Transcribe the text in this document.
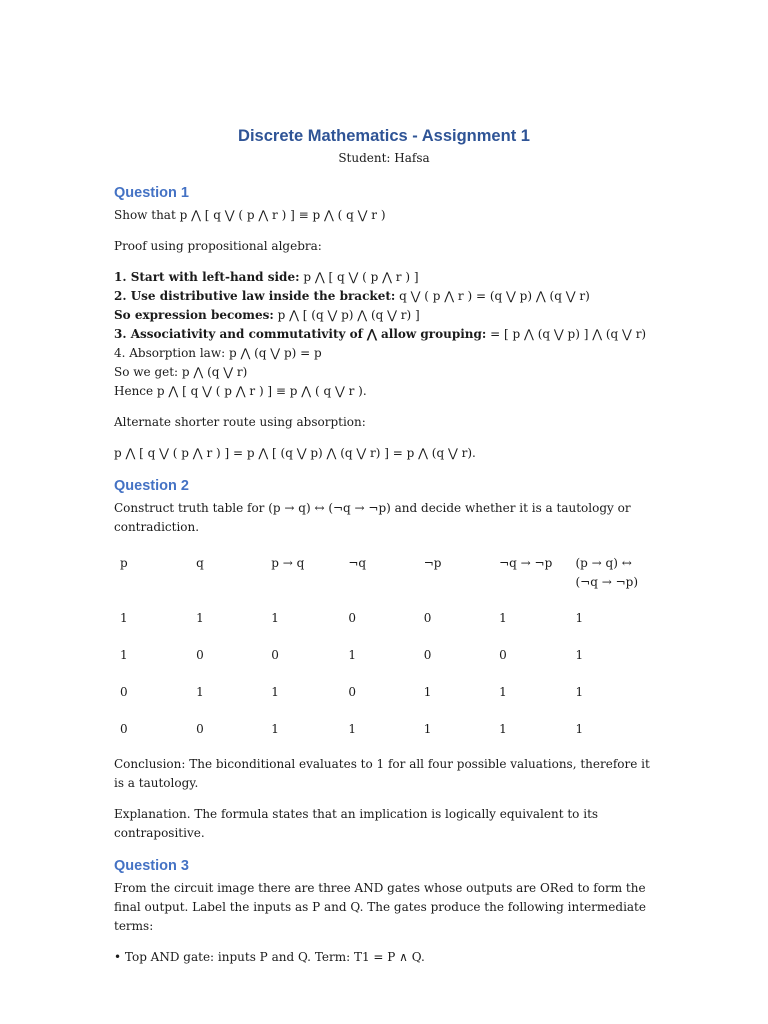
Discrete Mathematics - Assignment 1

Student: Hafsa

Question 1

Show that p ⋀ [ q ⋁ ( p ⋀ r ) ] ≡ p ⋀ ( q ⋁ r )

Proof using propositional algebra:

1. Start with left-hand side: p ⋀ [ q ⋁ ( p ⋀ r ) ]

2. Use distributive law inside the bracket: q ⋁ ( p ⋀ r ) = (q ⋁ p) ⋀ (q ⋁ r)

So expression becomes: p ⋀ [ (q ⋁ p) ⋀ (q ⋁ r) ]

3. Associativity and commutativity of ⋀ allow grouping: = [ p ⋀ (q ⋁ p) ] ⋀ (q ⋁ r)

4. Absorption law: p ⋀ (q ⋁ p) = p

So we get: p ⋀ (q ⋁ r)

Hence p ⋀ [ q ⋁ ( p ⋀ r ) ] ≡ p ⋀ ( q ⋁ r ).

Alternate shorter route using absorption:

p ⋀ [ q ⋁ ( p ⋀ r ) ] = p ⋀ [ (q ⋁ p) ⋀ (q ⋁ r) ] = p ⋀ (q ⋁ r).

Question 2

Construct truth table for (p → q) ↔ (¬q → ¬p) and decide whether it is a tautology or contradiction.

p	q	p → q	¬q	¬p	¬q → ¬p	(p → q) ↔ (¬q → ¬p)
1	1	1	0	0	1	1
1	0	0	1	0	0	1
0	1	1	0	1	1	1
0	0	1	1	1	1	1

Conclusion: The biconditional evaluates to 1 for all four possible valuations, therefore it is a tautology.

Explanation. The formula states that an implication is logically equivalent to its contrapositive.

Question 3

From the circuit image there are three AND gates whose outputs are ORed to form the final output. Label the inputs as P and Q. The gates produce the following intermediate terms:

• Top AND gate: inputs P and Q. Term: T1 = P ∧ Q.
